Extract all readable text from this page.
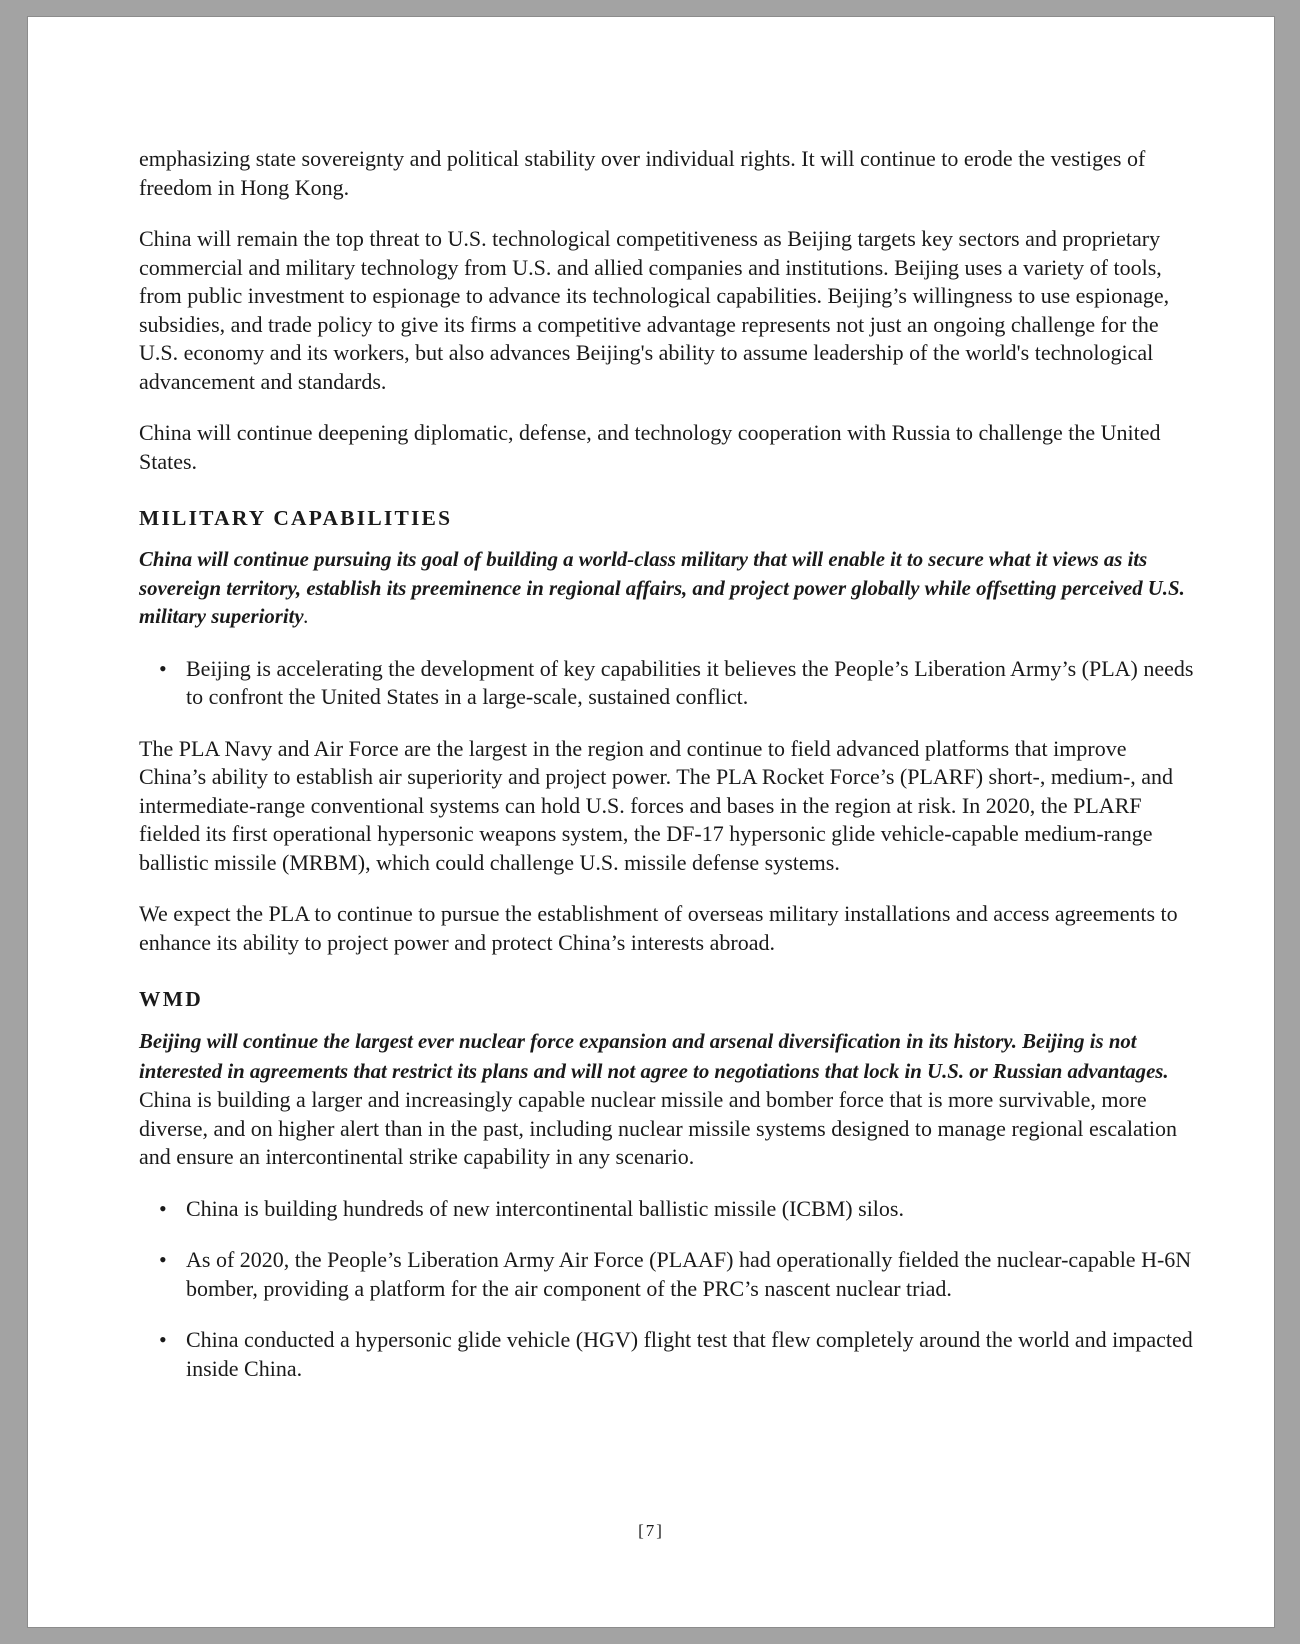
emphasizing state sovereignty and political stability over individual rights. It will continue to erode the vestiges of freedom in Hong Kong.

China will remain the top threat to U.S. technological competitiveness as Beijing targets key sectors and proprietary commercial and military technology from U.S. and allied companies and institutions. Beijing uses a variety of tools, from public investment to espionage to advance its technological capabilities. Beijing’s willingness to use espionage, subsidies, and trade policy to give its firms a competitive advantage represents not just an ongoing challenge for the U.S. economy and its workers, but also advances Beijing's ability to assume leadership of the world's technological advancement and standards.

China will continue deepening diplomatic, defense, and technology cooperation with Russia to challenge the United States.

MILITARY CAPABILITIES

China will continue pursuing its goal of building a world-class military that will enable it to secure what it views as its sovereign territory, establish its preeminence in regional affairs, and project power globally while offsetting perceived U.S. military superiority.

• Beijing is accelerating the development of key capabilities it believes the People’s Liberation Army’s (PLA) needs to confront the United States in a large-scale, sustained conflict.

The PLA Navy and Air Force are the largest in the region and continue to field advanced platforms that improve China’s ability to establish air superiority and project power. The PLA Rocket Force’s (PLARF) short-, medium-, and intermediate-range conventional systems can hold U.S. forces and bases in the region at risk. In 2020, the PLARF fielded its first operational hypersonic weapons system, the DF-17 hypersonic glide vehicle-capable medium-range ballistic missile (MRBM), which could challenge U.S. missile defense systems.

We expect the PLA to continue to pursue the establishment of overseas military installations and access agreements to enhance its ability to project power and protect China’s interests abroad.

WMD

Beijing will continue the largest ever nuclear force expansion and arsenal diversification in its history. Beijing is not interested in agreements that restrict its plans and will not agree to negotiations that lock in U.S. or Russian advantages. China is building a larger and increasingly capable nuclear missile and bomber force that is more survivable, more diverse, and on higher alert than in the past, including nuclear missile systems designed to manage regional escalation and ensure an intercontinental strike capability in any scenario.

• China is building hundreds of new intercontinental ballistic missile (ICBM) silos.
• As of 2020, the People’s Liberation Army Air Force (PLAAF) had operationally fielded the nuclear-capable H-6N bomber, providing a platform for the air component of the PRC’s nascent nuclear triad.
• China conducted a hypersonic glide vehicle (HGV) flight test that flew completely around the world and impacted inside China.
[7]
